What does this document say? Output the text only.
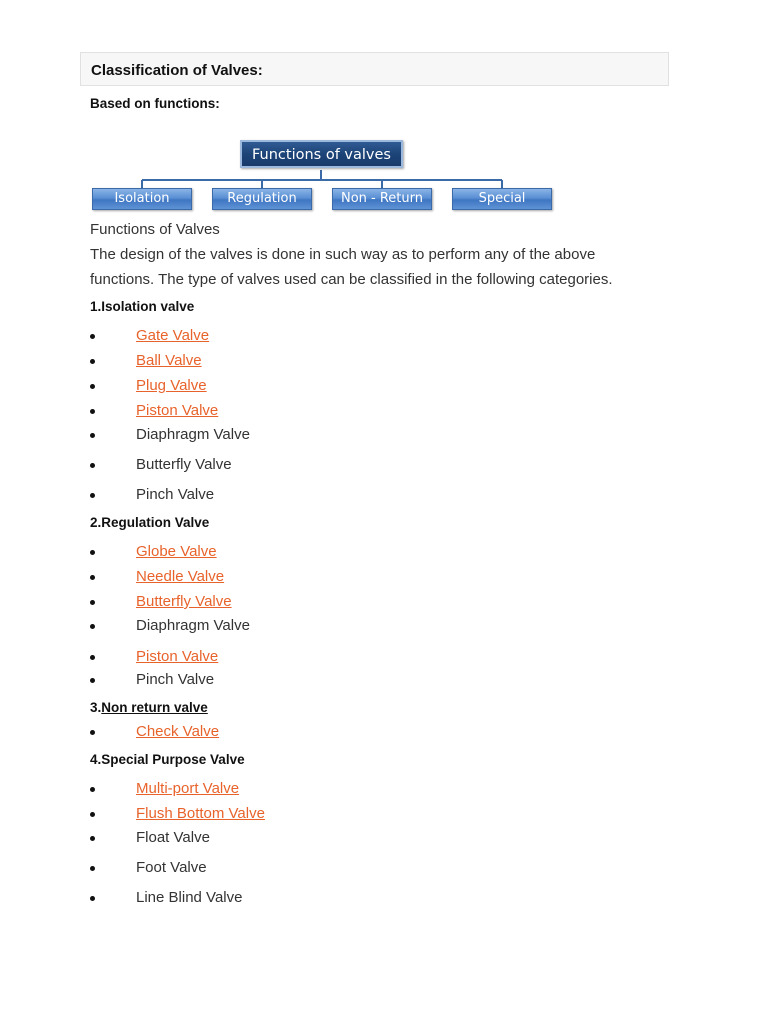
Classification of Valves:
Based on functions:
Functions of valves
Isolation	Regulation	Non - Return	Special
Functions of Valves
The design of the valves is done in such way as to perform any of the above
functions. The type of valves used can be classified in the following categories.
1.Isolation valve
Gate Valve
Ball Valve
Plug Valve
Piston Valve
Diaphragm Valve
Butterfly Valve
Pinch Valve
2.Regulation Valve
Globe Valve
Needle Valve
Butterfly Valve
Diaphragm Valve
Piston Valve
Pinch Valve
3.Non return valve
Check Valve
4.Special Purpose Valve
Multi-port Valve
Flush Bottom Valve
Float Valve
Foot Valve
Line Blind Valve
